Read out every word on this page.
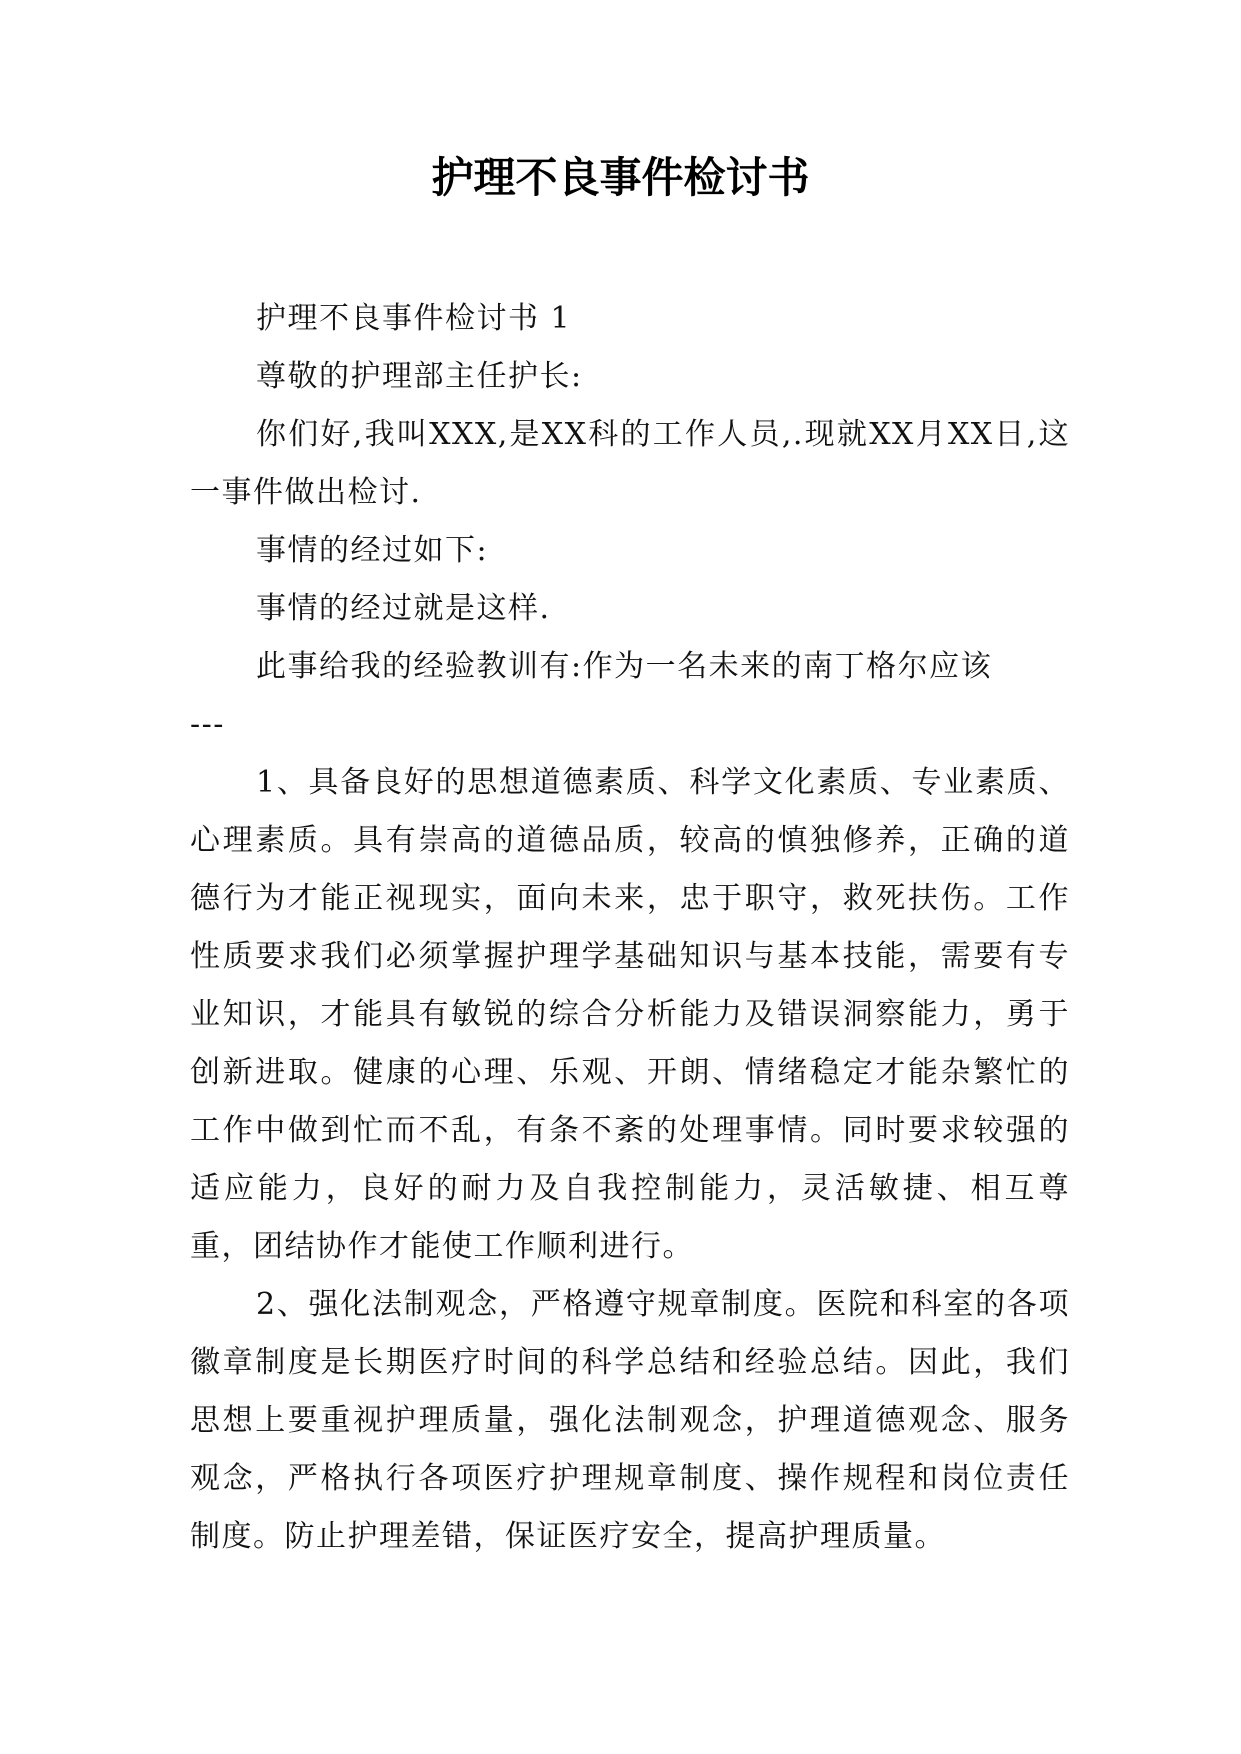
护理不良事件检讨书

护理不良事件检讨书 1

尊敬的护理部主任护长:

你们好,我叫XXX,是XX科的工作人员,.现就XX月XX日,这一事件做出检讨.

事情的经过如下:

事情的经过就是这样.

此事给我的经验教训有:作为一名未来的南丁格尔应该

---

1、具备良好的思想道德素质、科学文化素质、专业素质、心理素质。具有崇高的道德品质，较高的慎独修养，正确的道德行为才能正视现实，面向未来，忠于职守，救死扶伤。工作性质要求我们必须掌握护理学基础知识与基本技能，需要有专业知识，才能具有敏锐的综合分析能力及错误洞察能力，勇于创新进取。健康的心理、乐观、开朗、情绪稳定才能杂繁忙的工作中做到忙而不乱，有条不紊的处理事情。同时要求较强的适应能力，良好的耐力及自我控制能力，灵活敏捷、相互尊重，团结协作才能使工作顺利进行。

2、强化法制观念，严格遵守规章制度。医院和科室的各项徽章制度是长期医疗时间的科学总结和经验总结。因此，我们思想上要重视护理质量，强化法制观念，护理道德观念、服务观念，严格执行各项医疗护理规章制度、操作规程和岗位责任制度。防止护理差错，保证医疗安全，提高护理质量。
